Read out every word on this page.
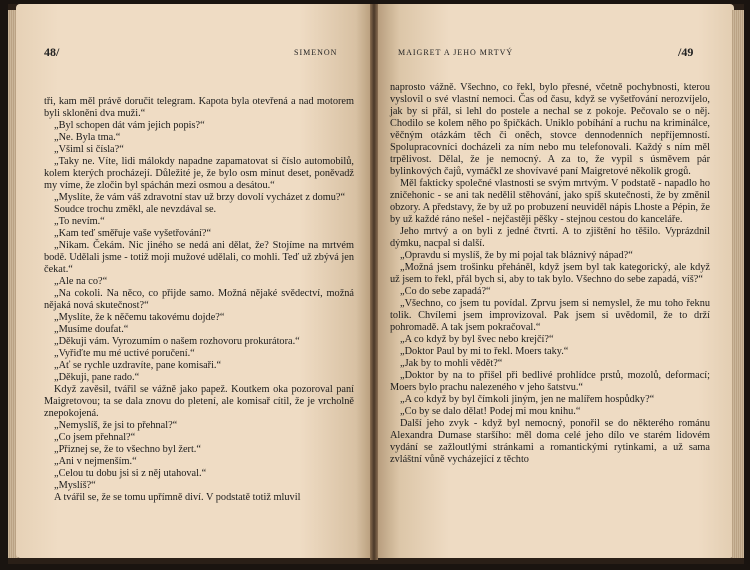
48/	SIMENON

tři, kam měl právě doručit telegram. Kapota byla otevřená a nad motorem byli skloněni dva muži.“

„Byl schopen dát vám jejich popis?“

„Ne. Byla tma.“

„Všiml si čísla?“

„Taky ne. Víte, lidi málokdy napadne zapamatovat si číslo automobilů, kolem kterých procházejí. Důležité je, že bylo osm minut deset, poněvadž my víme, že zločin byl spáchán mezi osmou a desátou.“

„Myslíte, že vám váš zdravotní stav už brzy dovolí vycházet z domu?“

Soudce trochu změkl, ale nevzdával se.

„To nevím.“

„Kam teď směřuje vaše vyšetřování?“

„Nikam. Čekám. Nic jiného se nedá ani dělat, že? Stojíme na mrtvém bodě. Udělali jsme - totiž moji mužové udělali, co mohli. Teď už zbývá jen čekat.“

„Ale na co?“

„Na cokoli. Na něco, co přijde samo. Možná nějaké svědectví, možná nějaká nová skutečnost?“

„Myslíte, že k něčemu takovému dojde?“

„Musíme doufat.“

„Děkuji vám. Vyrozumím o našem rozhovoru prokurátora.“

„Vyřiďte mu mé uctivé poručení.“

„Ať se rychle uzdravíte, pane komisaři.“

„Děkuji, pane rado.“

Když zavěsil, tvářil se vážně jako papež. Koutkem oka pozoroval paní Maigretovou; ta se dala znovu do pletení, ale komisař cítil, že je vrcholně znepokojená.

„Nemyslíš, že jsi to přehnal?“

„Co jsem přehnal?“

„Přiznej se, že to všechno byl žert.“

„Ani v nejmenším.“

„Celou tu dobu jsi si z něj utahoval.“

„Myslíš?“

A tvářil se, že se tomu upřímně diví. V podstatě totiž mluvil

MAIGRET A JEHO MRTVÝ	/49

naprosto vážně. Všechno, co řekl, bylo přesné, včetně pochybnosti, kterou vyslovil o své vlastní nemoci. Čas od času, když se vyšetřování nerozvíjelo, jak by si přál, si lehl do postele a nechal se z pokoje. Pečovalo se o něj. Chodilo se kolem něho po špičkách. Uniklo pobíhání a ruchu na kriminálce, věčným otázkám těch či oněch, stovce dennodenních nepříjemností. Spolupracovníci docházeli za ním nebo mu telefonovali. Každý s ním měl trpělivost. Dělal, že je nemocný. A za to, že vypil s úsměvem pár bylinkových čajů, vymáčkl ze shovívavé paní Maigretové několik grogů.

Měl fakticky společné vlastnosti se svým mrtvým. V podstatě - napadlo ho zničehonic - se ani tak nedělil stěhování, jako spíš skutečnosti, že by změnil obzory. A představy, že by už po probuzení neuviděl nápis Lhoste a Pépin, že by už každé ráno nešel - nejčastěji pěšky - stejnou cestou do kanceláře.

Jeho mrtvý a on byli z jedné čtvrti. A to zjištění ho těšilo. Vyprázdnil dýmku, nacpal si další.

„Opravdu si myslíš, že by mi pojal tak bláznivý nápad?“

„Možná jsem trošinku přeháněl, když jsem byl tak kategorický, ale když už jsem to řekl, přál bych si, aby to tak bylo. Všechno do sebe zapadá, víš?“

„Co do sebe zapadá?“

„Všechno, co jsem tu povídal. Zprvu jsem si nemyslel, že mu toho řeknu tolik. Chvílemi jsem improvizoval. Pak jsem si uvědomil, že to drží pohromadě. A tak jsem pokračoval.“

„A co když by byl švec nebo krejčí?“

„Doktor Paul by mi to řekl. Moers taky.“

„Jak by to mohli vědět?“

„Doktor by na to přišel při bedlivé prohlídce prstů, mozolů, deformací; Moers bylo prachu nalezeného v jeho šatstvu.“

„A co když by byl čímkoli jiným, jen ne malířem hospůdky?“

„Co by se dalo dělat! Podej mi mou knihu.“

Další jeho zvyk - když byl nemocný, ponořil se do některého románu Alexandra Dumase staršího: měl doma celé jeho dílo ve starém lidovém vydání se zažloutlými stránkami a romantickými rytinkami, a už sama zvláštní vůně vycházející z těchto
